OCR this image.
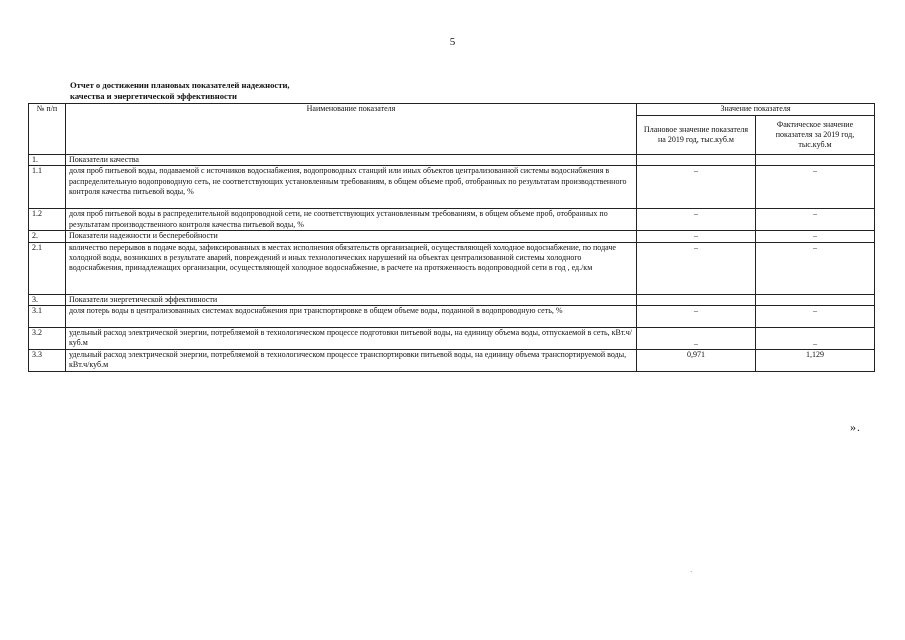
5
Отчет о достижении плановых показателей надежности,
качества и энергетической эффективности
№ п/п	Наименование показателя	Значение показателя	
		Плановое значение показателя на 2019 год, тыс.куб.м	Фактическое значение показателя за 2019 год, тыс.куб.м
1.	Показатели качества		
1.1	доля проб питьевой воды, подаваемой с источников водоснабжения, водопроводных станций или иных объектов централизованной системы водоснабжения в распределительную водопроводную сеть, не соответствующих установленным требованиям, в общем объеме проб, отобранных по результатам производственного контроля качества питьевой воды, %	–	–
1.2	доля проб питьевой воды в распределительной водопроводной сети, не соответствующих установленным требованиям, в общем объеме проб, отобранных по результатам производственного контроля качества питьевой воды, %	–	–
2.	Показатели надежности и бесперебойности	–	–
2.1	количество перерывов в подаче воды, зафиксированных в местах исполнения обязательств организацией, осуществляющей холодное водоснабжение, по подаче холодной воды, возникших в результате аварий, повреждений и иных технологических нарушений на объектах централизованной системы холодного водоснабжения, принадлежащих организации, осуществляющей холодное водоснабжение, в расчете на протяженность водопроводной сети в год , ед./км	–	–
3.	Показатели энергетической эффективности		
3.1	доля потерь воды в централизованных системах водоснабжения при транспортировке в общем объеме воды, поданной в водопроводную сеть, %	–	–
3.2	удельный расход электрической энергии, потребляемой в технологическом процессе подготовки питьевой воды, на единицу объема воды, отпускаемой в сеть, кВт.ч/куб.м	–	–
3.3	удельный расход электрической энергии, потребляемой в технологическом процессе транспортировки питьевой воды, на единицу объема транспортируемой воды, кВт.ч/куб.м	0,971	1,129
».
·
